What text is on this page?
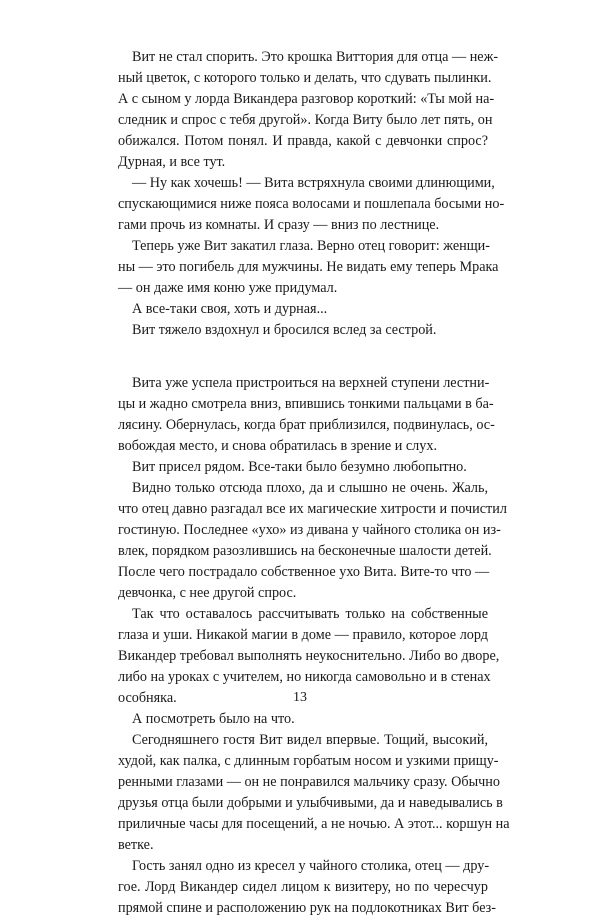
Вит не стал спорить. Это крошка Виттория для отца — неж-
ный цветок, с которого только и делать, что сдувать пылинки.
А с сыном у лорда Викандера разговор короткий: «Ты мой на-
следник и спрос с тебя другой». Когда Виту было лет пять, он
обижался. Потом понял. И правда, какой с девчонки спрос?
Дурная, и все тут.
— Ну как хочешь! — Вита встряхнула своими длинющими,
спускающимися ниже пояса волосами и пошлепала босыми но-
гами прочь из комнаты. И сразу — вниз по лестнице.
Теперь уже Вит закатил глаза. Верно отец говорит: женщи-
ны — это погибель для мужчины. Не видать ему теперь Мрака
— он даже имя коню уже придумал.
А все-таки своя, хоть и дурная...
Вит тяжело вздохнул и бросился вслед за сестрой.
Вита уже успела пристроиться на верхней ступени лестни-
цы и жадно смотрела вниз, впившись тонкими пальцами в ба-
лясину. Обернулась, когда брат приблизился, подвинулась, ос-
вобождая место, и снова обратилась в зрение и слух.
Вит присел рядом. Все-таки было безумно любопытно.
Видно только отсюда плохо, да и слышно не очень. Жаль,
что отец давно разгадал все их магические хитрости и почистил
гостиную. Последнее «ухо» из дивана у чайного столика он из-
влек, порядком разозлившись на бесконечные шалости детей.
После чего пострадало собственное ухо Вита. Вите-то что —
девчонка, с нее другой спрос.
Так что оставалось рассчитывать только на собственные
глаза и уши. Никакой магии в доме — правило, которое лорд
Викандер требовал выполнять неукоснительно. Либо во дворе,
либо на уроках с учителем, но никогда самовольно и в стенах
особняка.
А посмотреть было на что.
Сегодняшнего гостя Вит видел впервые. Тощий, высокий,
худой, как палка, с длинным горбатым носом и узкими прищу-
ренными глазами — он не понравился мальчику сразу. Обычно
друзья отца были добрыми и улыбчивыми, да и наведывались в
приличные часы для посещений, а не ночью. А этот... коршун на
ветке.
Гость занял одно из кресел у чайного столика, отец — дру-
гое. Лорд Викандер сидел лицом к визитеру, но по чересчур
прямой спине и расположению рук на подлокотниках Вит без-
13
